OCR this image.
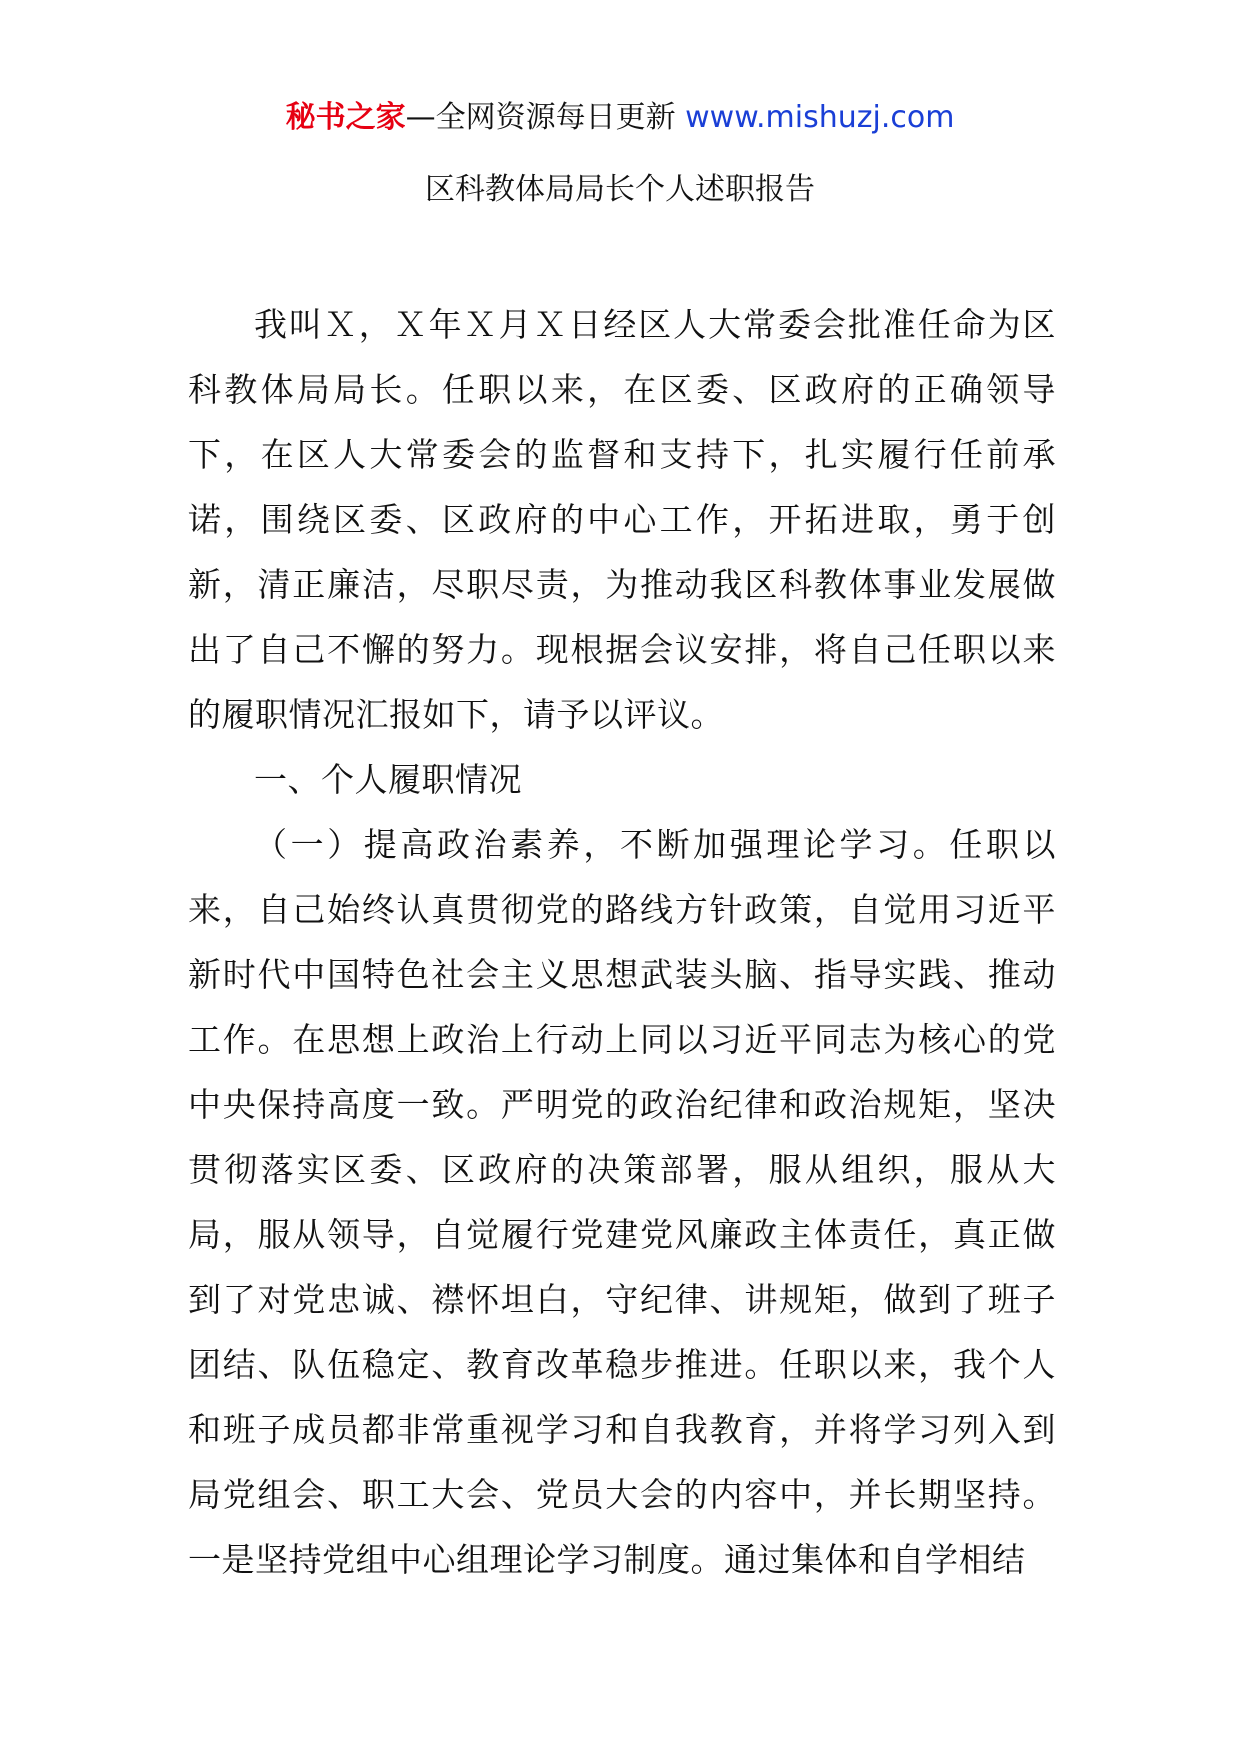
秘书之家—全网资源每日更新 www.mishuzj.com
区科教体局局长个人述职报告

我叫Ｘ，Ｘ年Ｘ月Ｘ日经区人大常委会批准任命为区科教体局局长。任职以来，在区委、区政府的正确领导下，在区人大常委会的监督和支持下，扎实履行任前承诺，围绕区委、区政府的中心工作，开拓进取，勇于创新，清正廉洁，尽职尽责，为推动我区科教体事业发展做出了自己不懈的努力。现根据会议安排，将自己任职以来的履职情况汇报如下，请予以评议。

一、个人履职情况

（一）提高政治素养，不断加强理论学习。任职以来，自己始终认真贯彻党的路线方针政策，自觉用习近平新时代中国特色社会主义思想武装头脑、指导实践、推动工作。在思想上政治上行动上同以习近平同志为核心的党中央保持高度一致。严明党的政治纪律和政治规矩，坚决贯彻落实区委、区政府的决策部署，服从组织，服从大局，服从领导，自觉履行党建党风廉政主体责任，真正做到了对党忠诚、襟怀坦白，守纪律、讲规矩，做到了班子团结、队伍稳定、教育改革稳步推进。任职以来，我个人和班子成员都非常重视学习和自我教育，并将学习列入到局党组会、职工大会、党员大会的内容中，并长期坚持。一是坚持党组中心组理论学习制度。通过集体和自学相结
